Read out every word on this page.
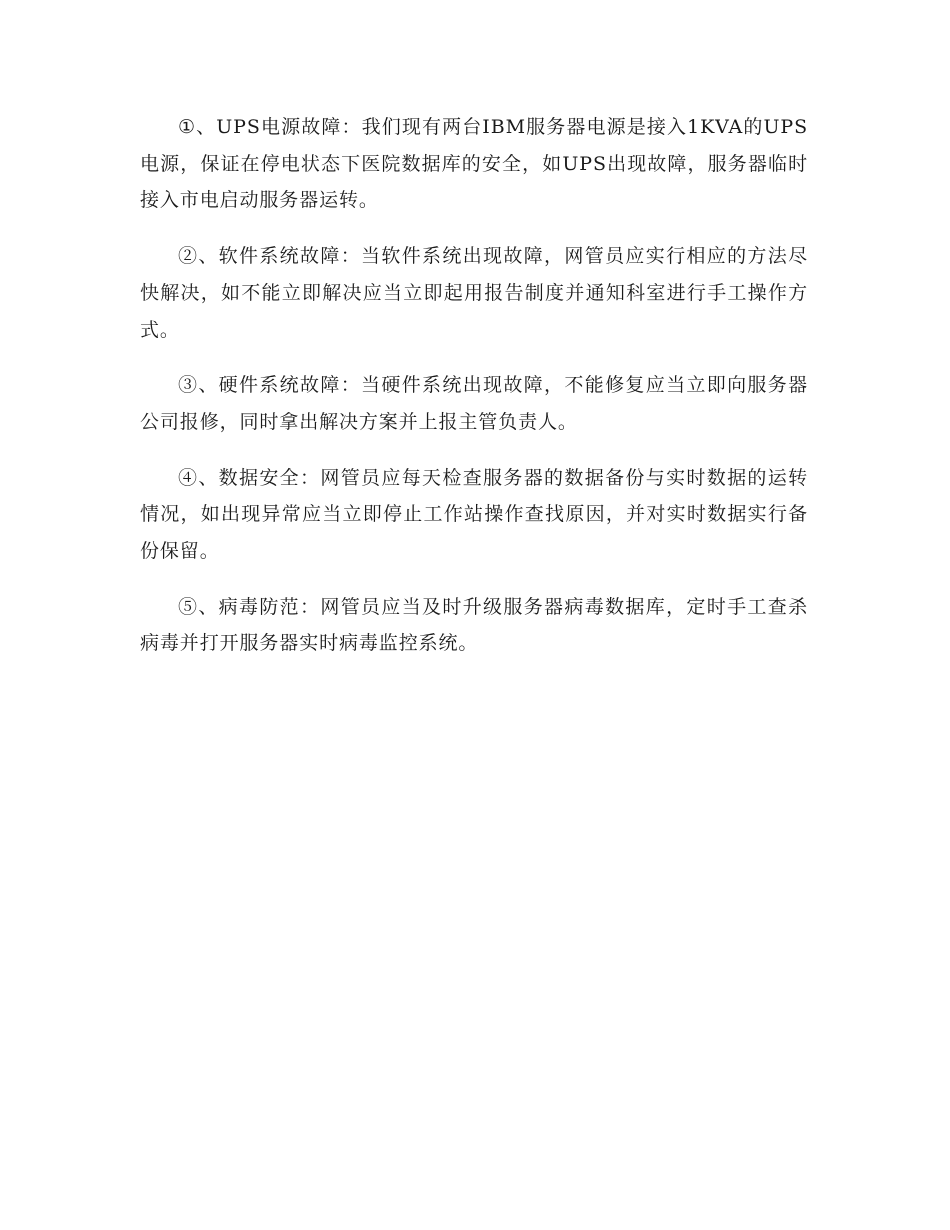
①、UPS电源故障：我们现有两台IBM服务器电源是接入1KVA的UPS电源，保证在停电状态下医院数据库的安全，如UPS出现故障，服务器临时接入市电启动服务器运转。

②、软件系统故障：当软件系统出现故障，网管员应实行相应的方法尽快解决，如不能立即解决应当立即起用报告制度并通知科室进行手工操作方式。

③、硬件系统故障：当硬件系统出现故障，不能修复应当立即向服务器公司报修，同时拿出解决方案并上报主管负责人。

④、数据安全：网管员应每天检查服务器的数据备份与实时数据的运转情况，如出现异常应当立即停止工作站操作查找原因，并对实时数据实行备份保留。

⑤、病毒防范：网管员应当及时升级服务器病毒数据库，定时手工查杀病毒并打开服务器实时病毒监控系统。
